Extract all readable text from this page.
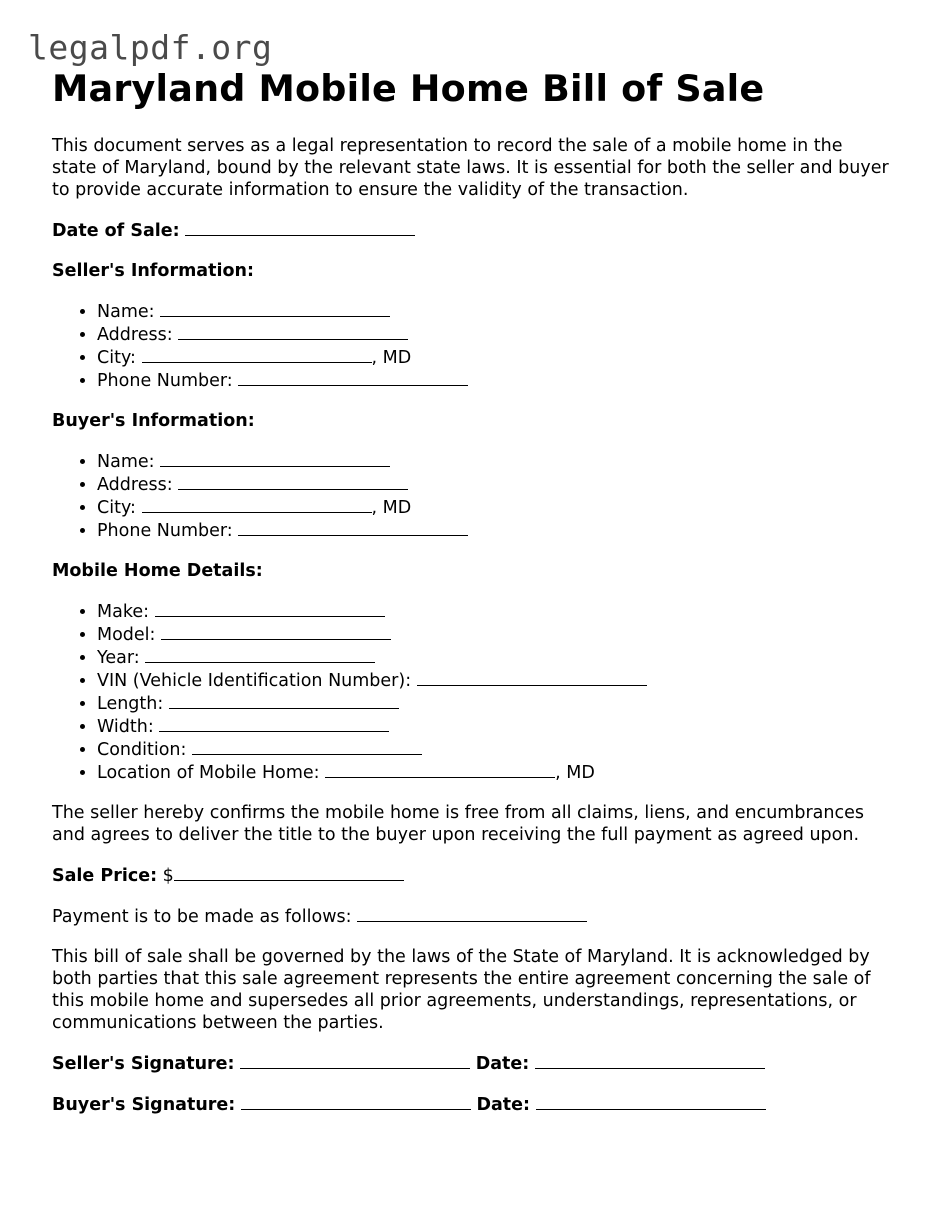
legalpdf.org
Maryland Mobile Home Bill of Sale

This document serves as a legal representation to record the sale of a mobile home in the state of Maryland, bound by the relevant state laws. It is essential for both the seller and buyer to provide accurate information to ensure the validity of the transaction.

Date of Sale:

Seller's Information:

• Name:
• Address:
• City:	, MD
• Phone Number:

Buyer's Information:

• Name:
• Address:
• City:	, MD
• Phone Number:

Mobile Home Details:

• Make:
• Model:
• Year:
• VIN (Vehicle Identification Number):
• Length:
• Width:
• Condition:
• Location of Mobile Home:	, MD

The seller hereby confirms the mobile home is free from all claims, liens, and encumbrances and agrees to deliver the title to the buyer upon receiving the full payment as agreed upon.

Sale Price: $

Payment is to be made as follows:

This bill of sale shall be governed by the laws of the State of Maryland. It is acknowledged by both parties that this sale agreement represents the entire agreement concerning the sale of this mobile home and supersedes all prior agreements, understandings, representations, or communications between the parties.

Seller's Signature:	Date:

Buyer's Signature:	Date:
